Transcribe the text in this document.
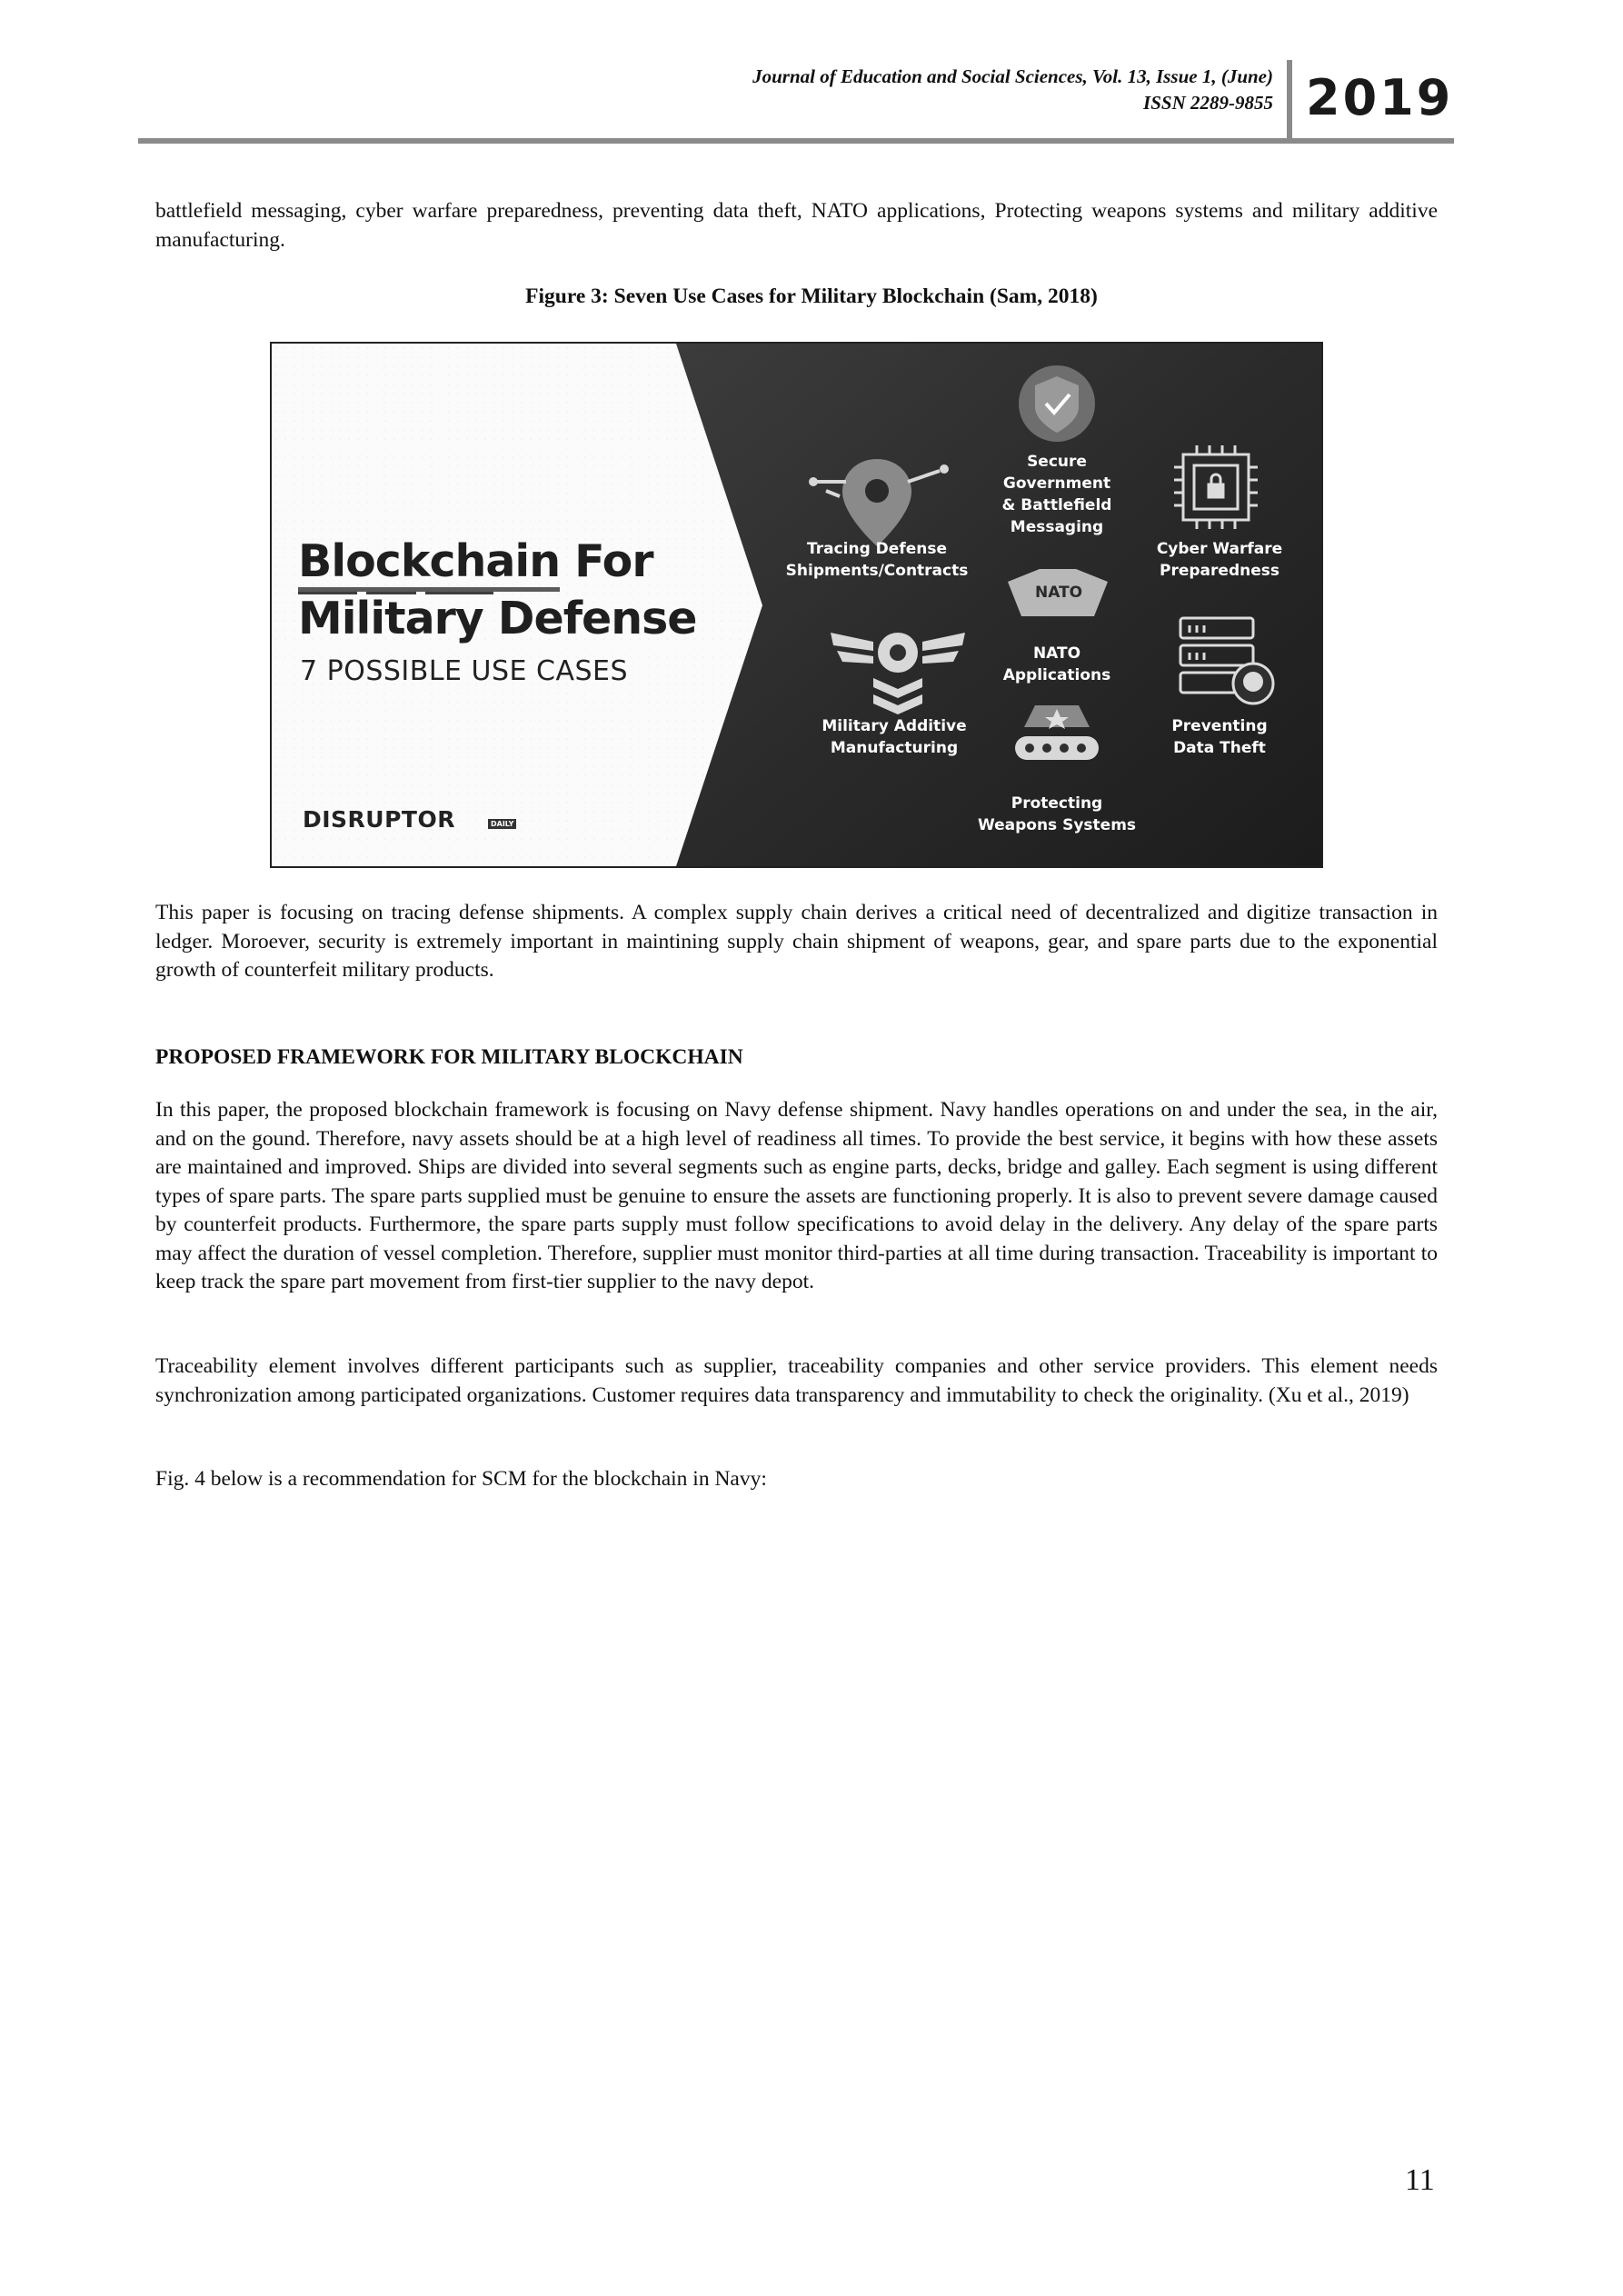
Journal of Education and Social Sciences, Vol. 13, Issue 1, (June)
ISSN 2289-9855 2019

battlefield messaging, cyber warfare preparedness, preventing data theft, NATO applications, Protecting weapons systems and military additive manufacturing.

Figure 3: Seven Use Cases for Military Blockchain (Sam, 2018)
Blockchain For
Military Defense
7 POSSIBLE USE CASES
DISRUPTOR	DAILY
NATO
Tracing Defense
Shipments/Contracts
Secure
Government
& Battlefield
Messaging
Cyber Warfare
Preparedness
Military Additive
Manufacturing
NATO
Applications
Preventing
Data Theft
Protecting
Weapons Systems

This paper is focusing on tracing defense shipments. A complex supply chain derives a critical need of decentralized and digitize transaction in ledger. Moroever, security is extremely important in maintining supply chain shipment of weapons, gear, and spare parts due to the exponential growth of counterfeit military products.

PROPOSED FRAMEWORK FOR MILITARY BLOCKCHAIN

In this paper, the proposed blockchain framework is focusing on Navy defense shipment. Navy handles operations on and under the sea, in the air, and on the gound. Therefore, navy assets should be at a high level of readiness all times. To provide the best service, it begins with how these assets are maintained and improved. Ships are divided into several segments such as engine parts, decks, bridge and galley. Each segment is using different types of spare parts. The spare parts supplied must be genuine to ensure the assets are functioning properly. It is also to prevent severe damage caused by counterfeit products. Furthermore, the spare parts supply must follow specifications to avoid delay in the delivery. Any delay of the spare parts may affect the duration of vessel completion. Therefore, supplier must monitor third-parties at all time during transaction. Traceability is important to keep track the spare part movement from first-tier supplier to the navy depot.

Traceability element involves different participants such as supplier, traceability companies and other service providers. This element needs synchronization among participated organizations. Customer requires data transparency and immutability to check the originality. (Xu et al., 2019)

Fig. 4 below is a recommendation for SCM for the blockchain in Navy:

11
